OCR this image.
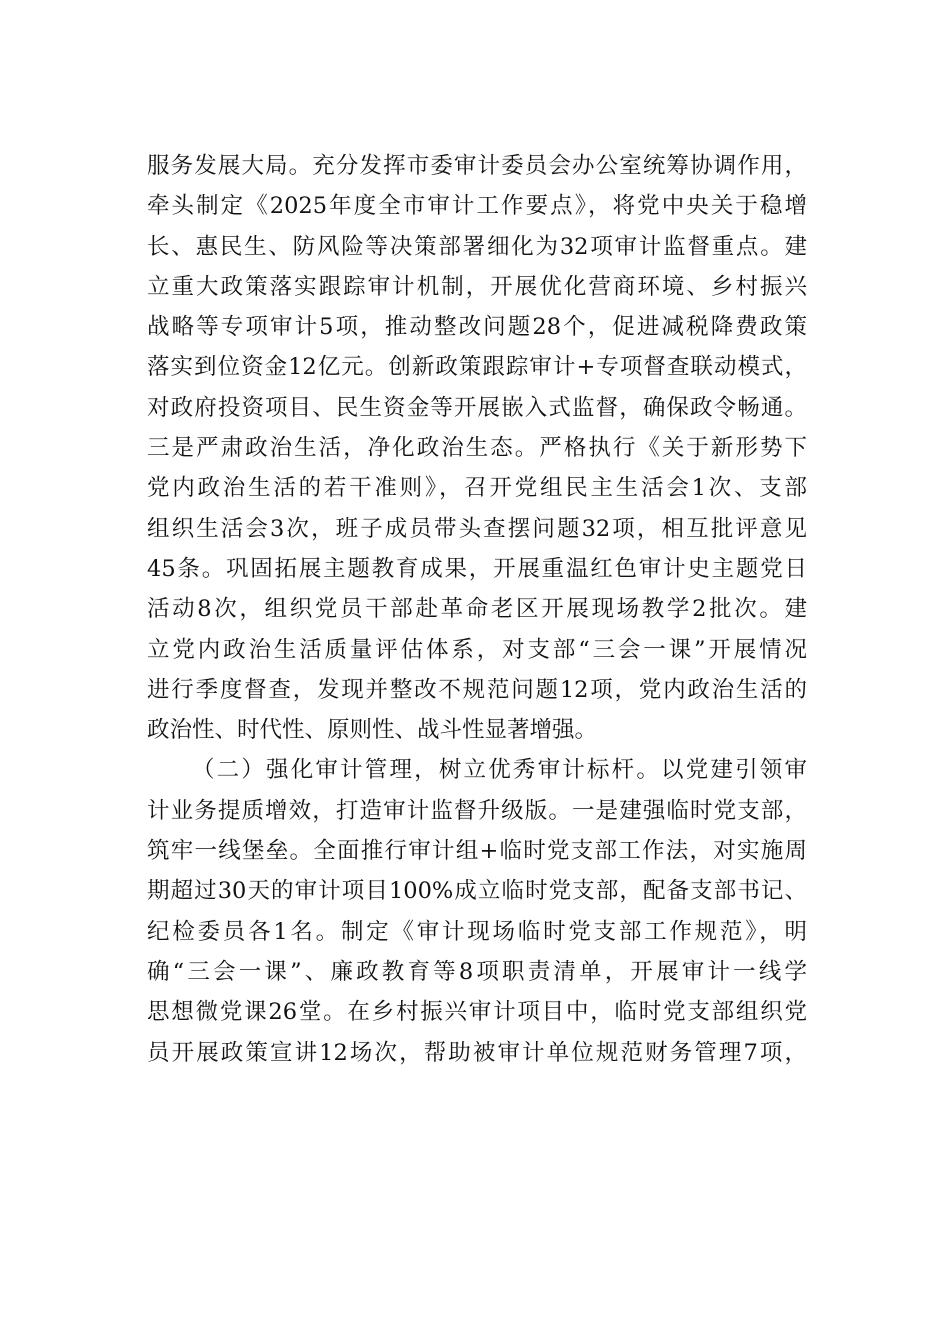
服务发展大局。充分发挥市委审计委员会办公室统筹协调作用，
牵头制定《2025年度全市审计工作要点》，将党中央关于稳增
长、惠民生、防风险等决策部署细化为32项审计监督重点。建
立重大政策落实跟踪审计机制，开展优化营商环境、乡村振兴
战略等专项审计5项，推动整改问题28个，促进减税降费政策
落实到位资金12亿元。创新政策跟踪审计+专项督查联动模式，
对政府投资项目、民生资金等开展嵌入式监督，确保政令畅通。
三是严肃政治生活，净化政治生态。严格执行《关于新形势下
党内政治生活的若干准则》，召开党组民主生活会1次、支部
组织生活会3次，班子成员带头查摆问题32项，相互批评意见
45条。巩固拓展主题教育成果，开展重温红色审计史主题党日
活动8次，组织党员干部赴革命老区开展现场教学2批次。建
立党内政治生活质量评估体系，对支部“三会一课”开展情况
进行季度督查，发现并整改不规范问题12项，党内政治生活的
政治性、时代性、原则性、战斗性显著增强。
（二）强化审计管理，树立优秀审计标杆。以党建引领审
计业务提质增效，打造审计监督升级版。一是建强临时党支部，
筑牢一线堡垒。全面推行审计组+临时党支部工作法，对实施周
期超过30天的审计项目100%成立临时党支部，配备支部书记、
纪检委员各1名。制定《审计现场临时党支部工作规范》，明
确“三会一课”、廉政教育等8项职责清单，开展审计一线学
思想微党课26堂。在乡村振兴审计项目中，临时党支部组织党
员开展政策宣讲12场次，帮助被审计单位规范财务管理7项，
